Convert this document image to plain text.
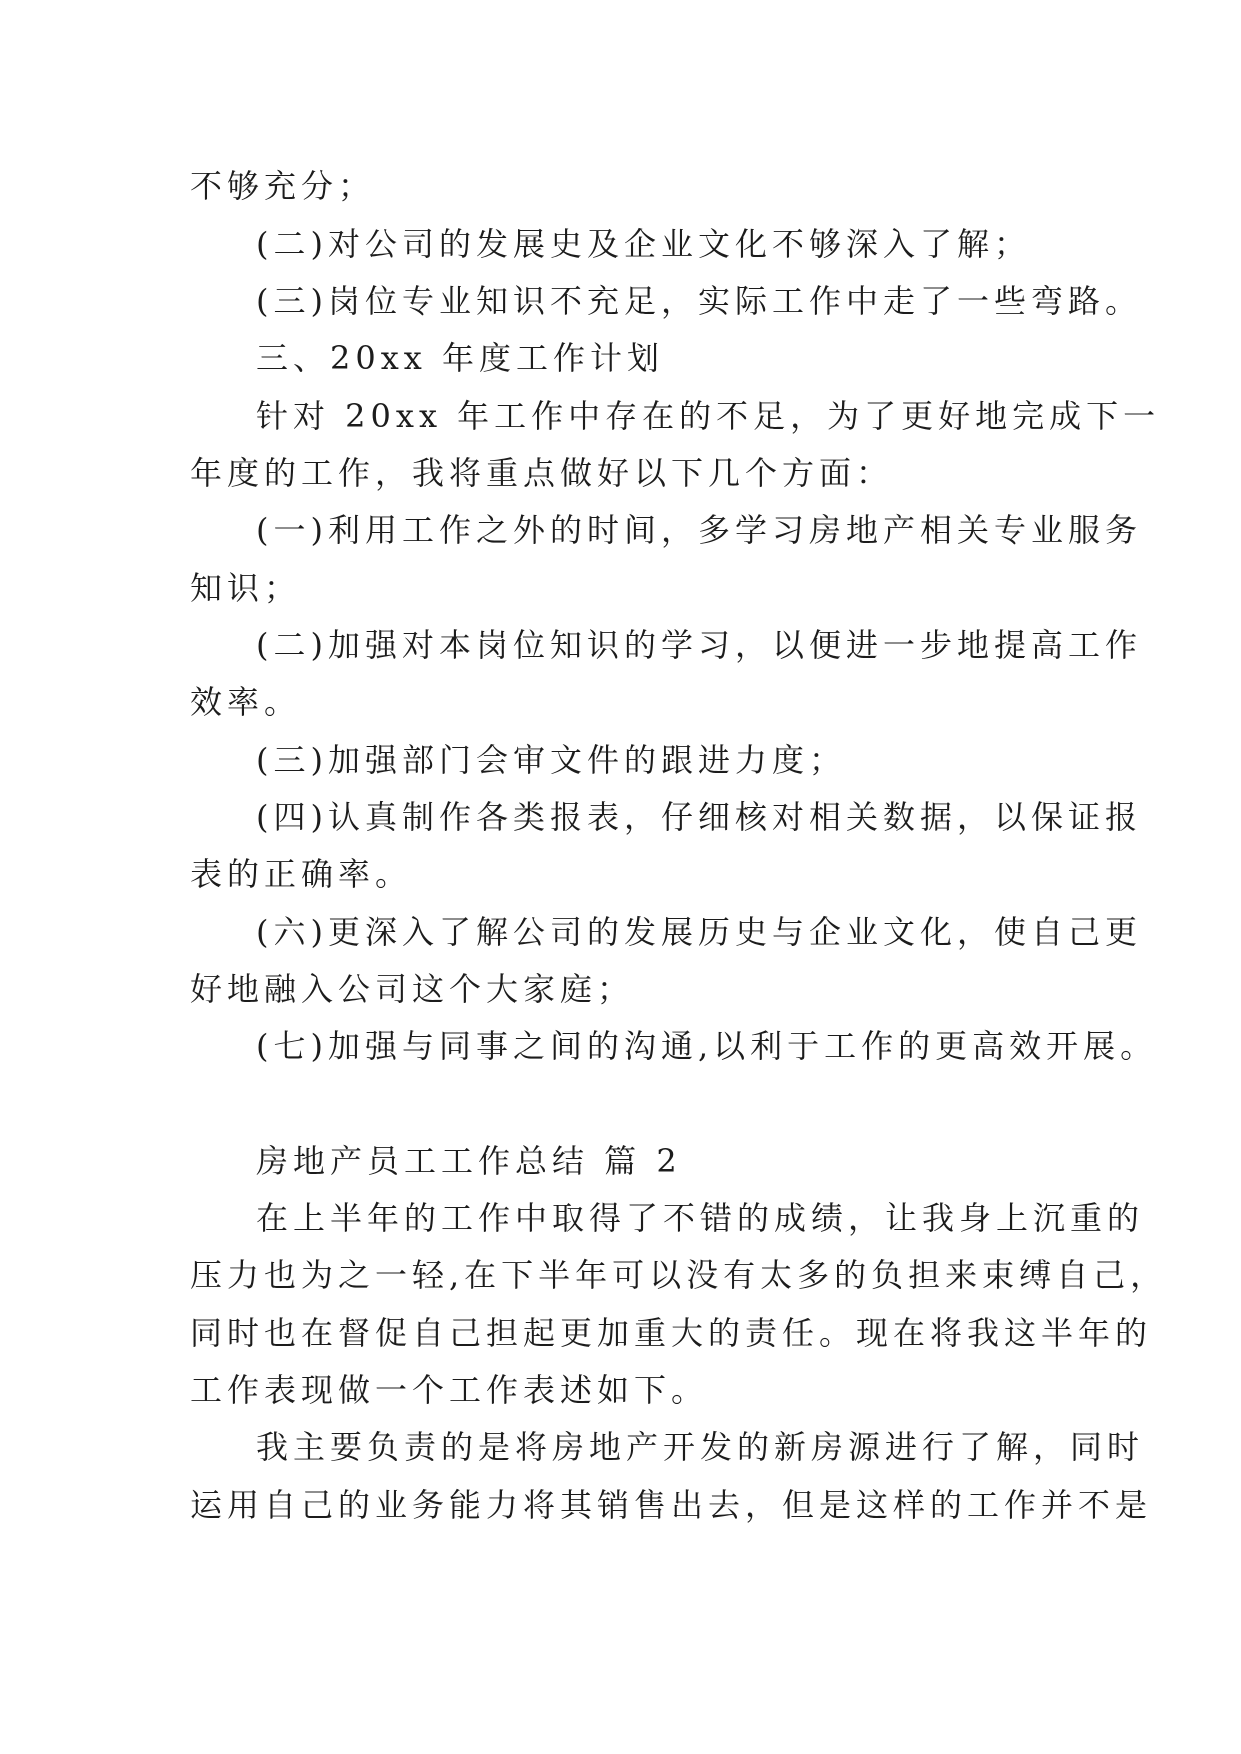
不够充分；
(二)对公司的发展史及企业文化不够深入了解；
(三)岗位专业知识不充足，实际工作中走了一些弯路。
三、20xx 年度工作计划
针对 20xx 年工作中存在的不足，为了更好地完成下一
年度的工作，我将重点做好以下几个方面：
(一)利用工作之外的时间，多学习房地产相关专业服务
知识；
(二)加强对本岗位知识的学习，以便进一步地提高工作
效率。
(三)加强部门会审文件的跟进力度；
(四)认真制作各类报表，仔细核对相关数据，以保证报
表的正确率。
(六)更深入了解公司的发展历史与企业文化，使自己更
好地融入公司这个大家庭；
(七)加强与同事之间的沟通,以利于工作的更高效开展。
房地产员工工作总结 篇 2
在上半年的工作中取得了不错的成绩，让我身上沉重的
压力也为之一轻,在下半年可以没有太多的负担来束缚自己，
同时也在督促自己担起更加重大的责任。现在将我这半年的
工作表现做一个工作表述如下。
我主要负责的是将房地产开发的新房源进行了解，同时
运用自己的业务能力将其销售出去，但是这样的工作并不是
